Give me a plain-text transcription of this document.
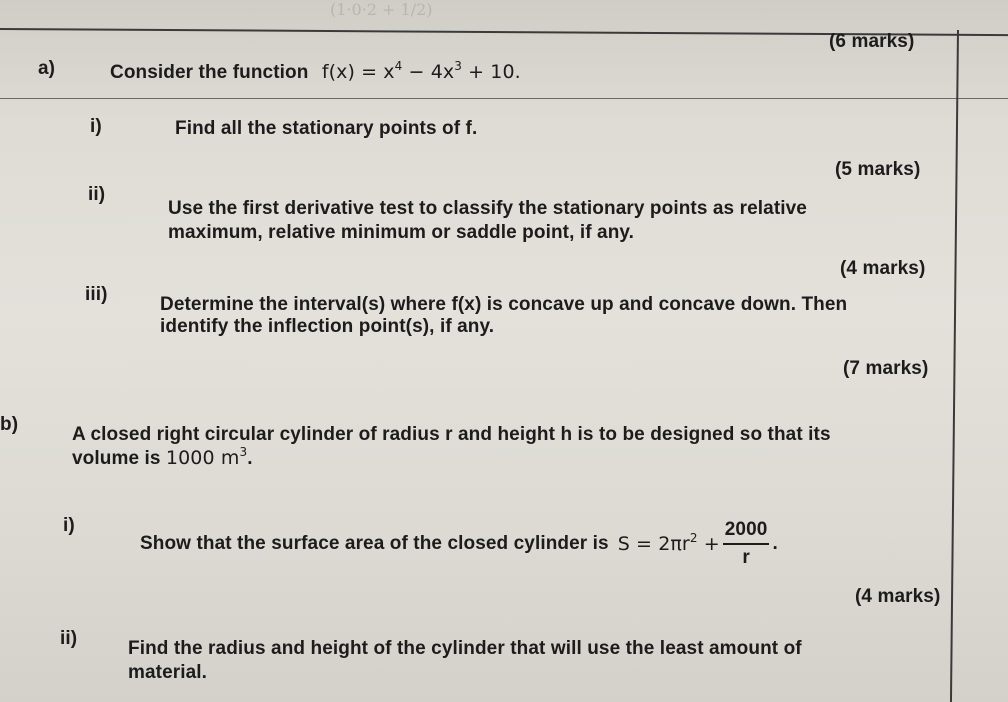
(1·0·2 + 1/2)
(6 marks)
a)	Consider the function $f(x) = x^4 - 4x^3 + 10$.
i)	Find all the stationary points of f.
(5 marks)
ii)
Use the first derivative test to classify the stationary points as relative
maximum, relative minimum or saddle point, if any.
(4 marks)
iii)	Determine the interval(s) where f(x) is concave up and concave down. Then
identify the inflection point(s), if any.
(7 marks)
b)	A closed right circular cylinder of radius r and height h is to be designed so that its
volume is 1000 $m^3$.
i)
Show that the surface area of the closed cylinder is $S = 2\pi r^2 + \frac{2000}{r}$ .
(4 marks)
ii)	Find the radius and height of the cylinder that will use the least amount of
material.
